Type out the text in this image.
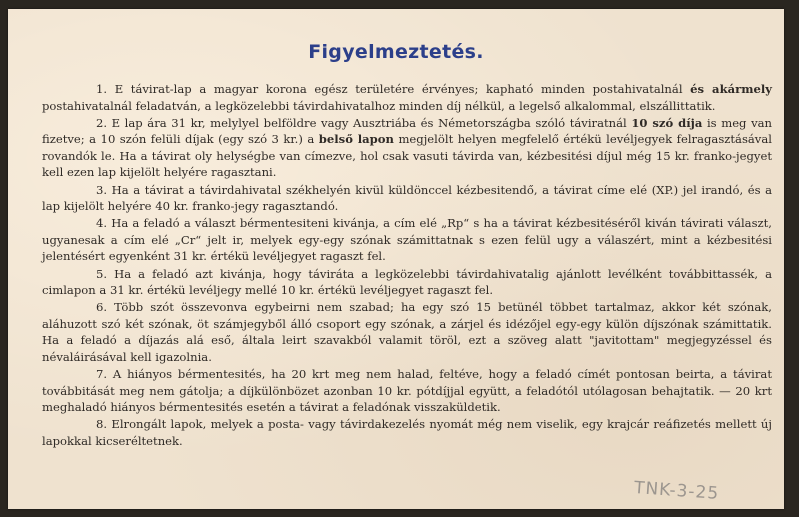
Figyelmeztetés.

1. E távirat-lap a magyar korona egész területére érvényes; kapható minden postahivatalnál és akármely postahivatalnál feladatván, a legközelebbi távirdahivatalhoz minden díj nélkül, a legelső alkalommal, elszállittatik.

2. E lap ára 31 kr, melylyel belföldre vagy Ausztriába és Németországba szóló táviratnál 10 szó díja is meg van fizetve; a 10 szón felüli díjak (egy szó 3 kr.) a belső lapon megjelölt helyen megfelelő értékü levéljegyek felragasztásával rovandók le. Ha a távirat oly helységbe van címezve, hol csak vasuti távirda van, kézbesitési díjul még 15 kr. franko-jegyet kell ezen lap kijelölt helyére ragasztani.

3. Ha a távirat a távirdahivatal székhelyén kivül küldönccel kézbesitendő, a távirat címe elé (XP.) jel irandó, és a lap kijelölt helyére 40 kr. franko-jegy ragasztandó.

4. Ha a feladó a választ bérmentesiteni kivánja, a cím elé „Rp“ s ha a távirat kézbesitéséről kiván távirati választ, ugyanesak a cím elé „Cr“ jelt ir, melyek egy-egy szónak számittatnak s ezen felül ugy a válaszért, mint a kézbesitési jelentésért egyenként 31 kr. értékü levéljegyet ragaszt fel.

5. Ha a feladó azt kivánja, hogy táviráta a legközelebbi távirdahivatalig ajánlott levélként továbbittassék, a cimlapon a 31 kr. értékü levéljegy mellé 10 kr. értékü levéljegyet ragaszt fel.

6. Több szót összevonva egybeirni nem szabad; ha egy szó 15 betünél többet tartalmaz, akkor két szónak, aláhuzott szó két szónak, öt számjegyből álló csoport egy szónak, a zárjel és idézőjel egy-egy külön díjszónak számittatik. Ha a feladó a díjazás alá eső, általa leirt szavakból valamit töröl, ezt a szöveg alatt "javitottam" megjegyzéssel és névaláirásával kell igazolnia.

7. A hiányos bérmentesités, ha 20 krt meg nem halad, feltéve, hogy a feladó címét pontosan beirta, a távirat továbbitását meg nem gátolja; a díjkülönbözet azonban 10 kr. pótdíjjal együtt, a feladótól utólagosan behajtatik. — 20 krt meghaladó hiányos bérmentesités esetén a távirat a feladónak visszaküldetik.

8. Elrongált lapok, melyek a posta- vagy távirdakezelés nyomát még nem viselik, egy krajcár reáfizetés mellett új lapokkal kicseréltetnek.

TNK-3-25
